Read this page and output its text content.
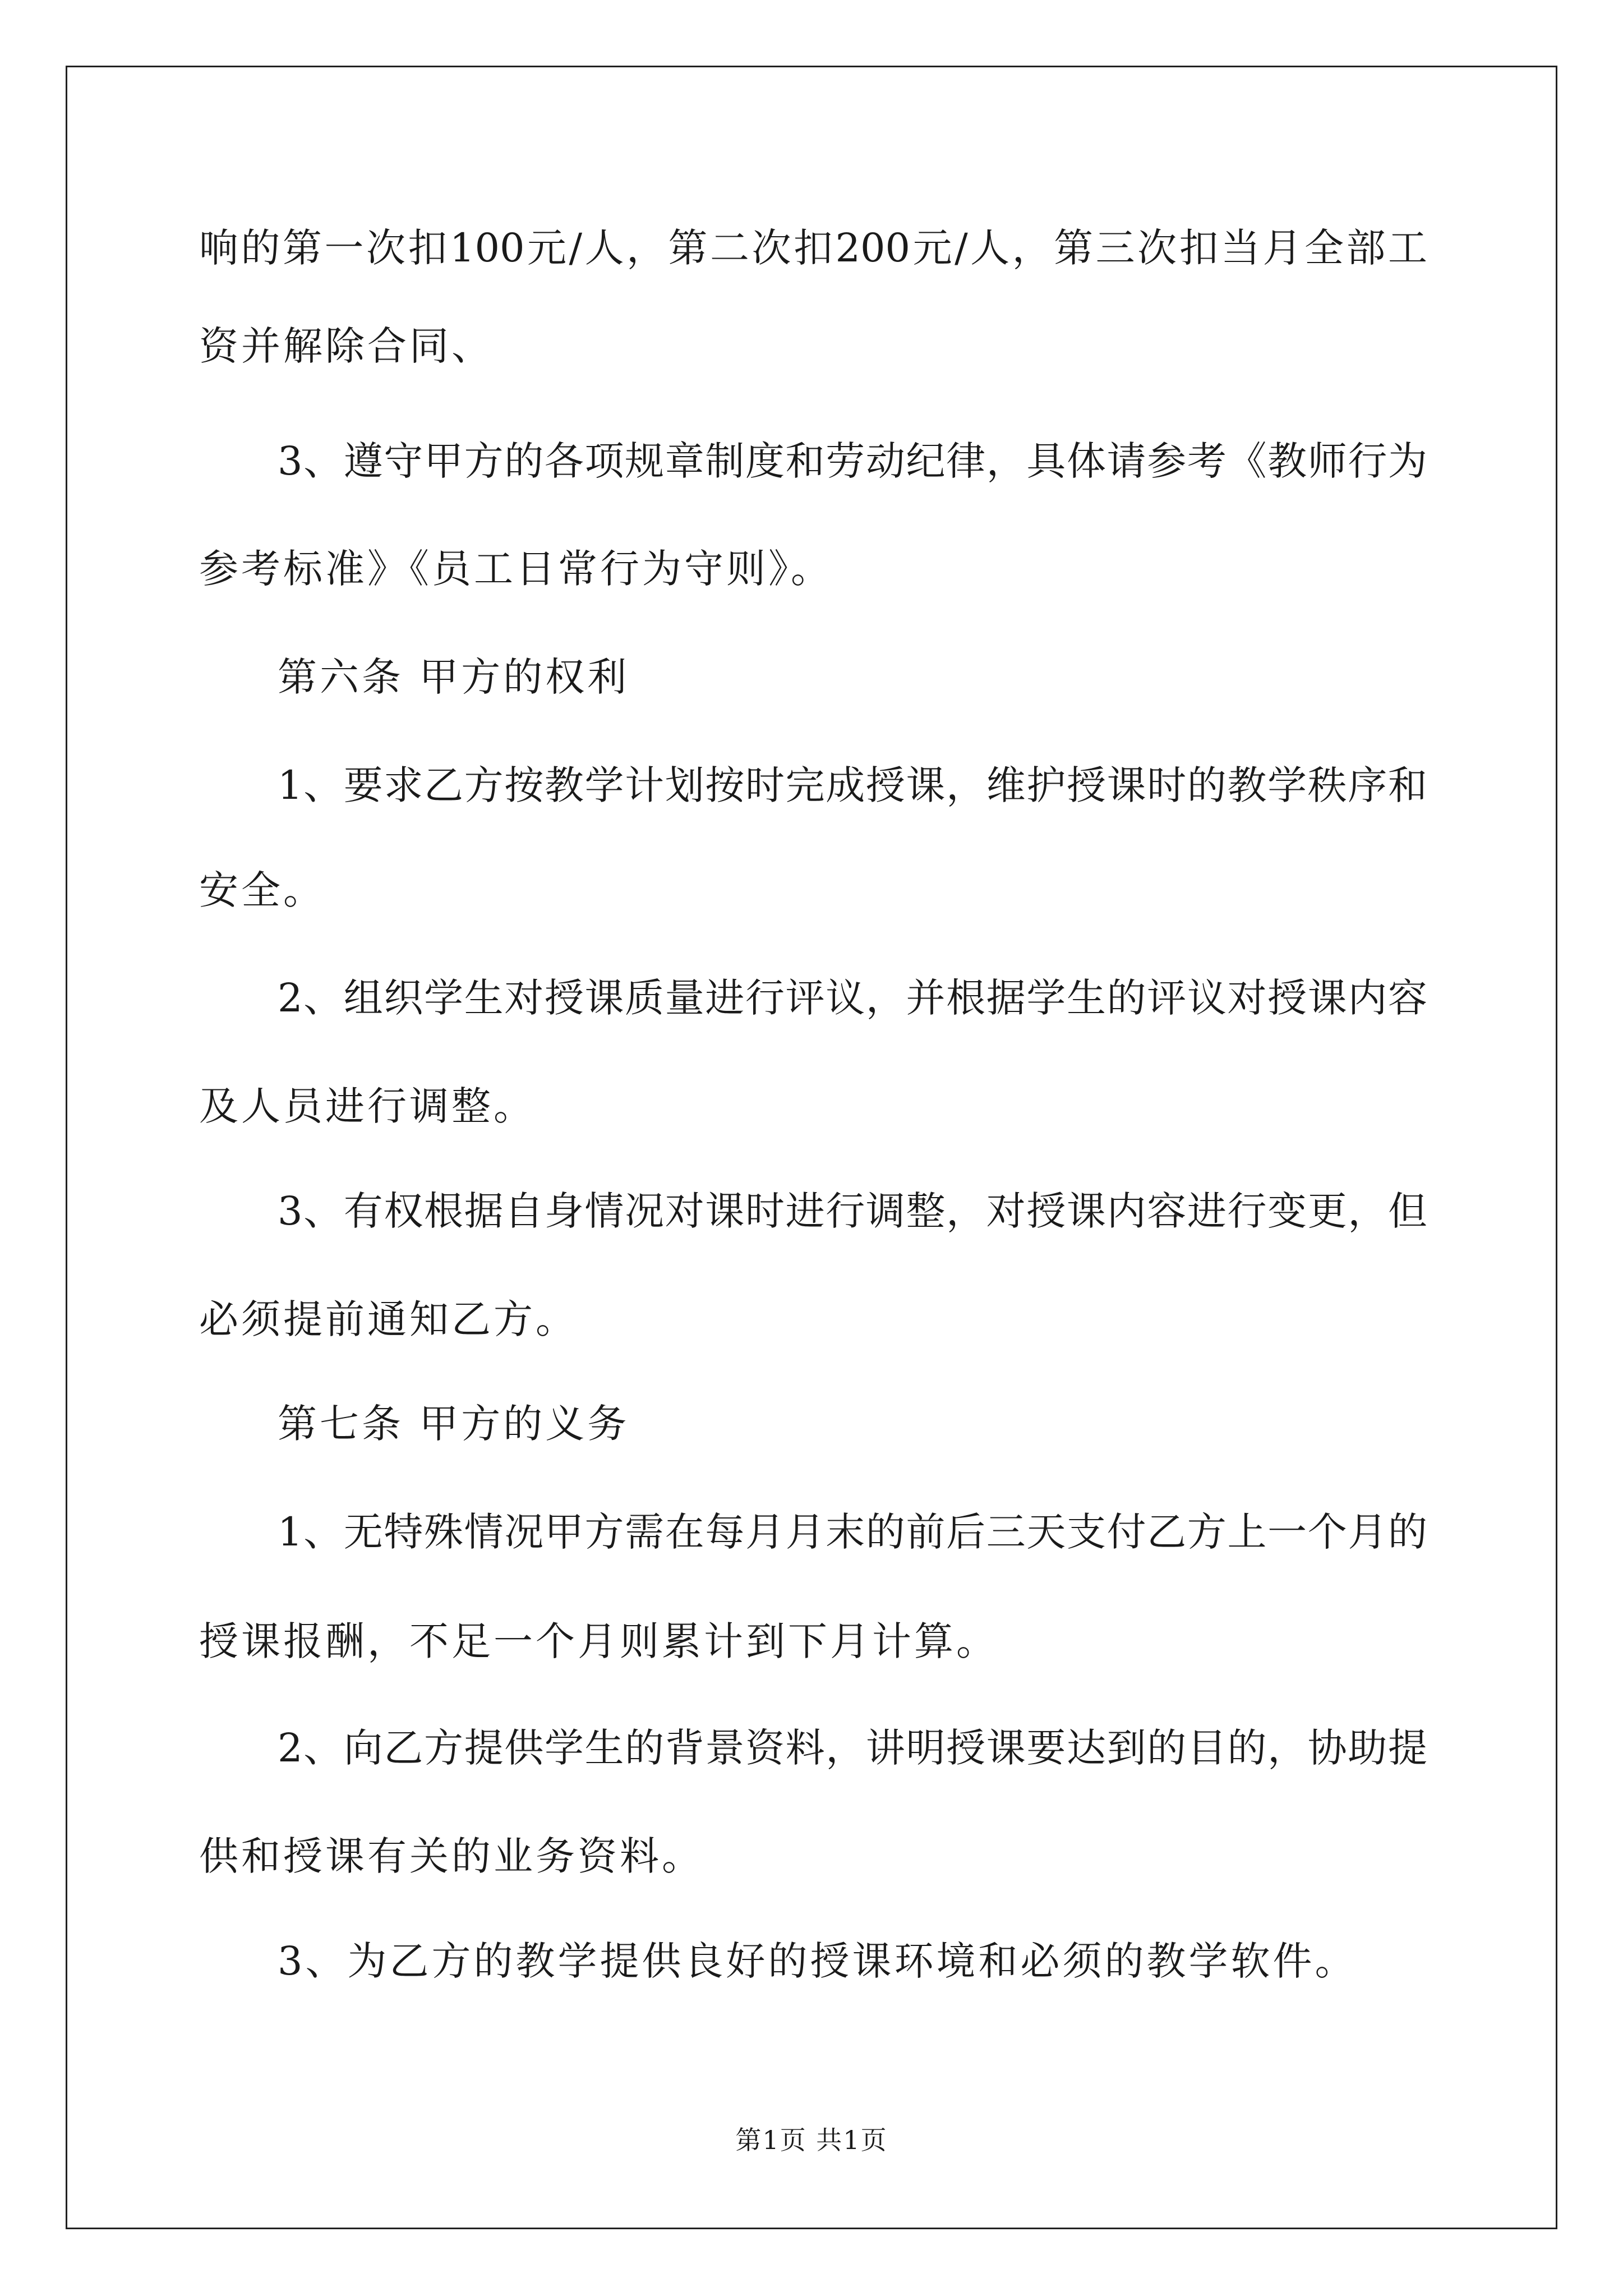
响的第一次扣100元/人，第二次扣200元/人，第三次扣当月全部工
资并解除合同、
3、遵守甲方的各项规章制度和劳动纪律，具体请参考《教师行为
参考标准》《员工日常行为守则》。
第六条 甲方的权利
1、要求乙方按教学计划按时完成授课，维护授课时的教学秩序和
安全。
2、组织学生对授课质量进行评议，并根据学生的评议对授课内容
及人员进行调整。
3、有权根据自身情况对课时进行调整，对授课内容进行变更，但
必须提前通知乙方。
第七条 甲方的义务
1、无特殊情况甲方需在每月月末的前后三天支付乙方上一个月的
授课报酬，不足一个月则累计到下月计算。
2、向乙方提供学生的背景资料，讲明授课要达到的目的，协助提
供和授课有关的业务资料。
3、为乙方的教学提供良好的授课环境和必须的教学软件。
第1页 共1页
